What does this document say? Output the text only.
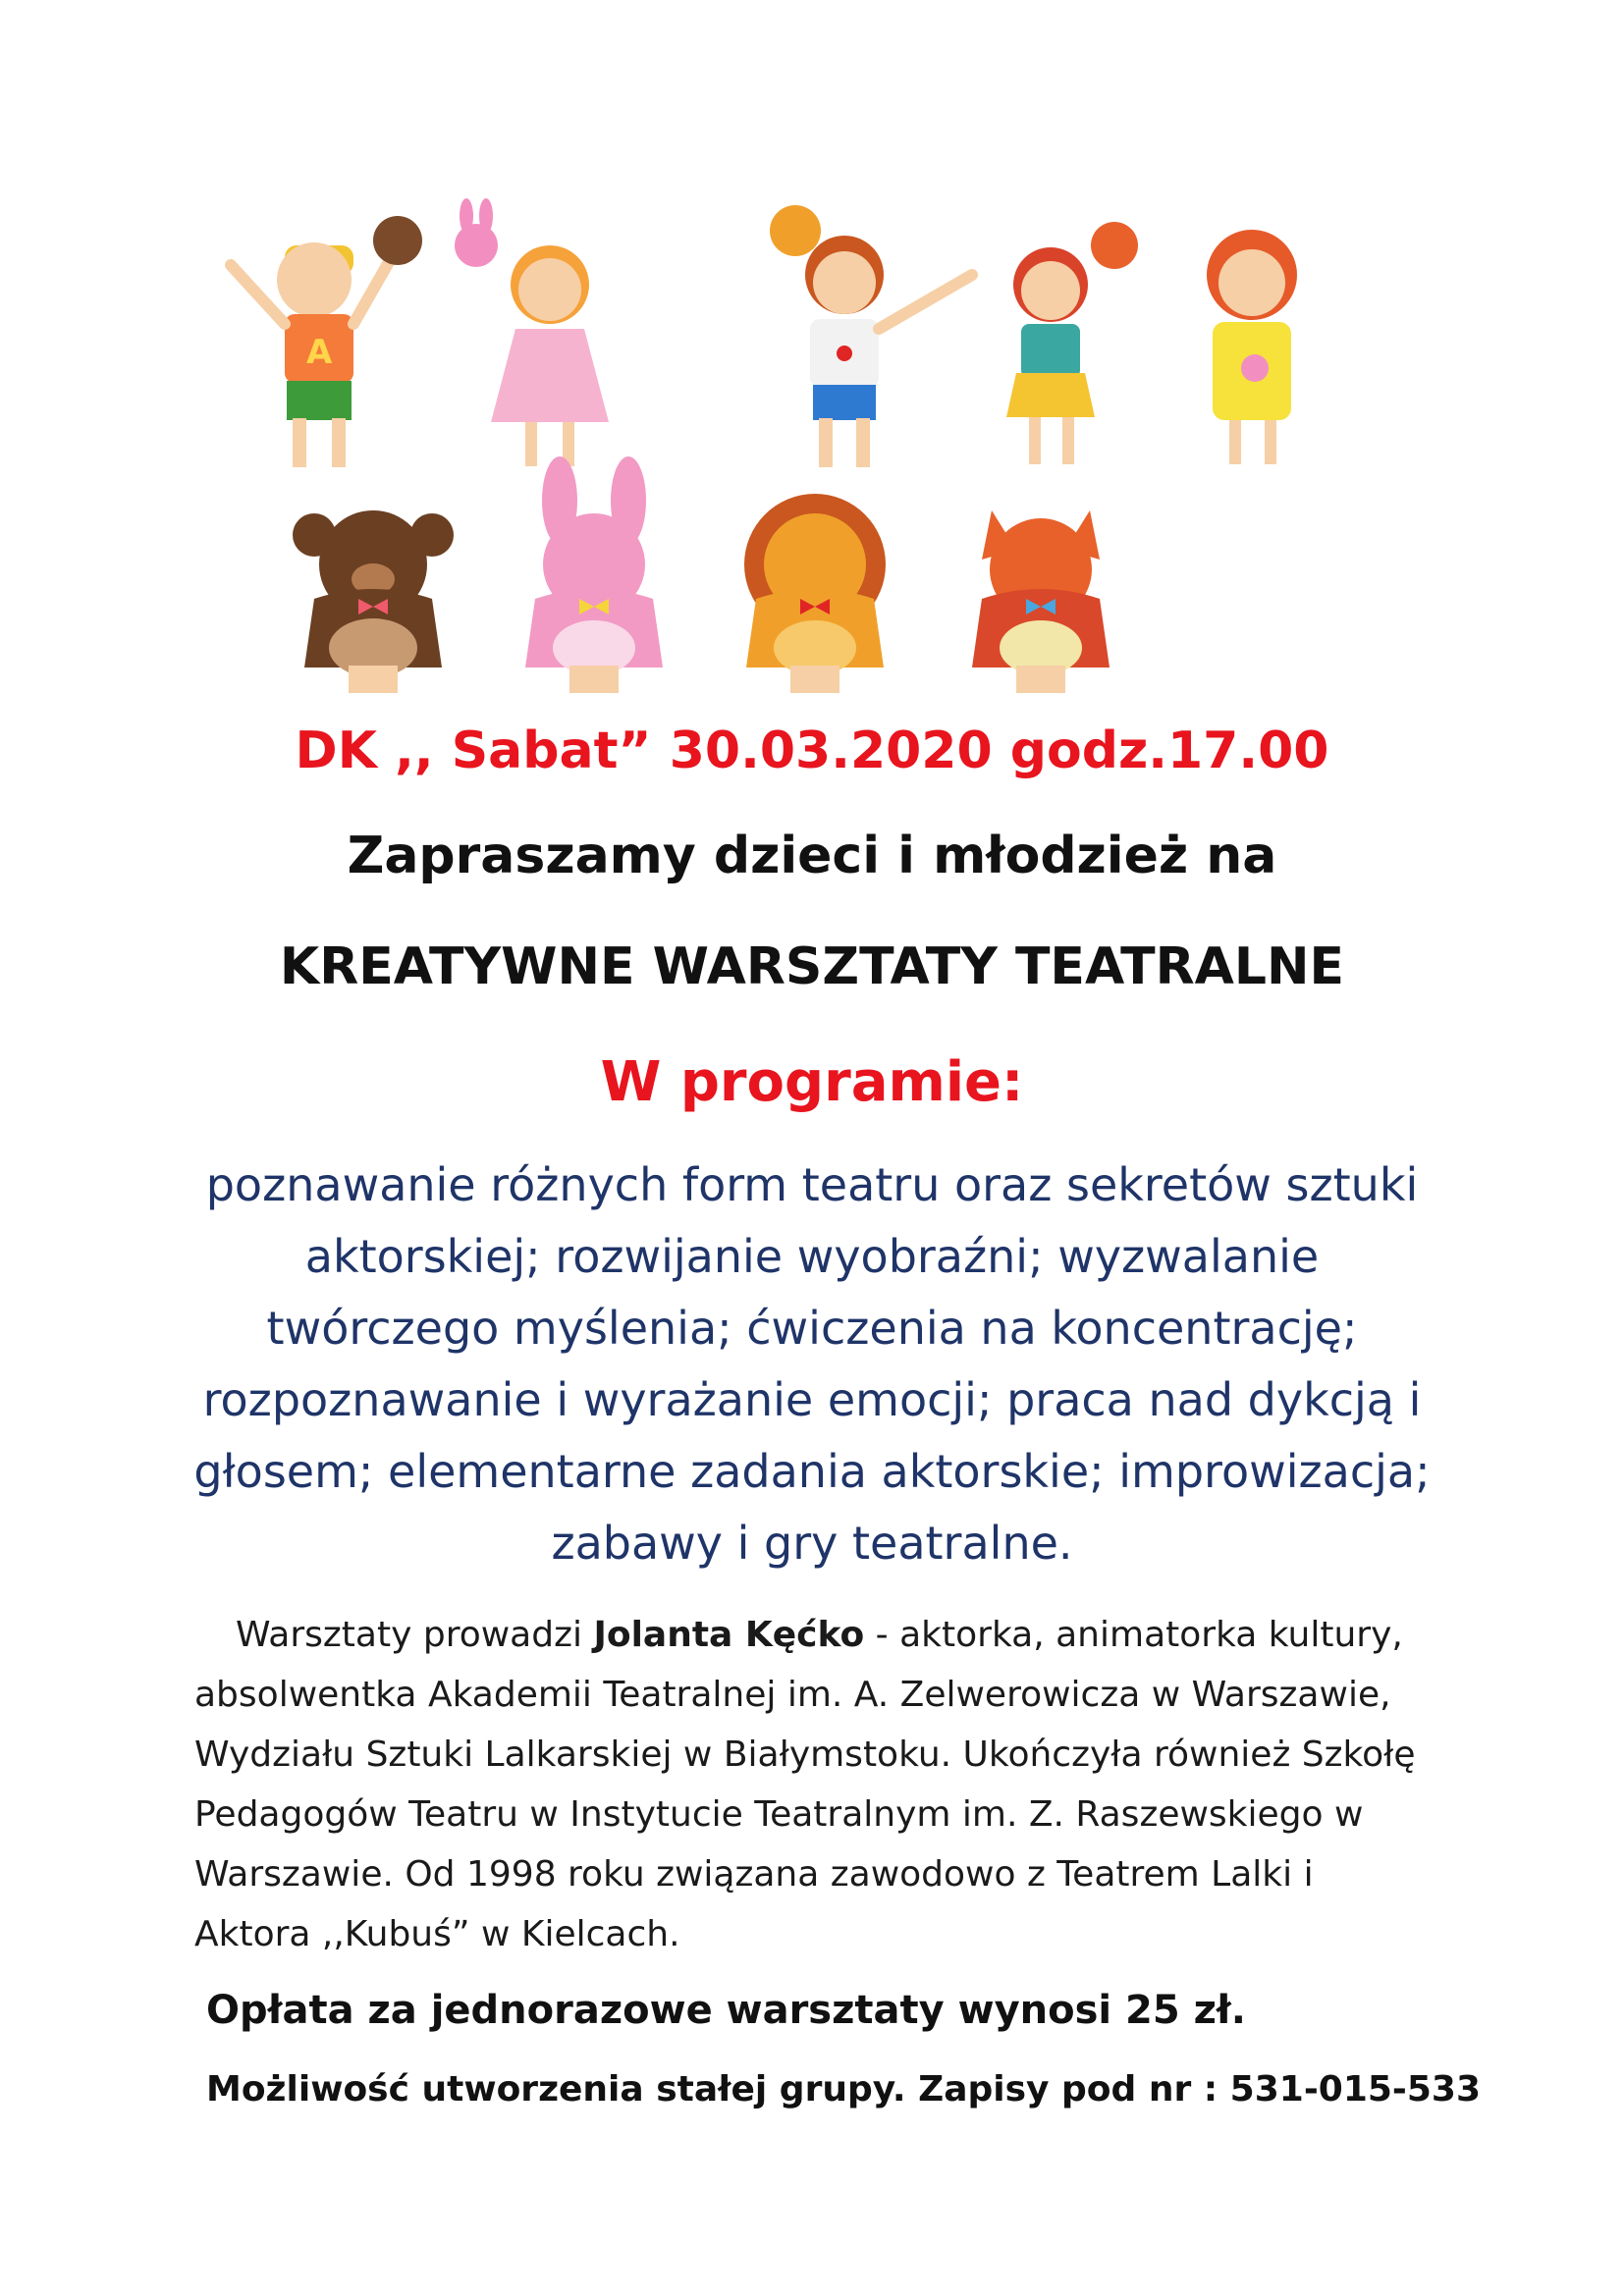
A
DK ,, Sabat” 30.03.2020 godz.17.00
Zapraszamy dzieci i młodzież na
KREATYWNE WARSZTATY TEATRALNE
W programie:
poznawanie różnych form teatru oraz sekretów sztuki
aktorskiej; rozwijanie wyobraźni; wyzwalanie
twórczego myślenia; ćwiczenia na koncentrację;
rozpoznawanie i wyrażanie emocji; praca nad dykcją i
głosem; elementarne zadania aktorskie; improwizacja;
zabawy i gry teatralne.
Warsztaty prowadzi Jolanta Kęćko - aktorka, animatorka kultury,
absolwentka Akademii Teatralnej im. A. Zelwerowicza w Warszawie,
Wydziału Sztuki Lalkarskiej w Białymstoku. Ukończyła również Szkołę
Pedagogów Teatru w Instytucie Teatralnym im. Z. Raszewskiego w
Warszawie. Od 1998 roku związana zawodowo z Teatrem Lalki i
Aktora ,,Kubuś” w Kielcach.
Opłata za jednorazowe warsztaty wynosi 25 zł.
Możliwość utworzenia stałej grupy. Zapisy pod nr : 531-015-533
